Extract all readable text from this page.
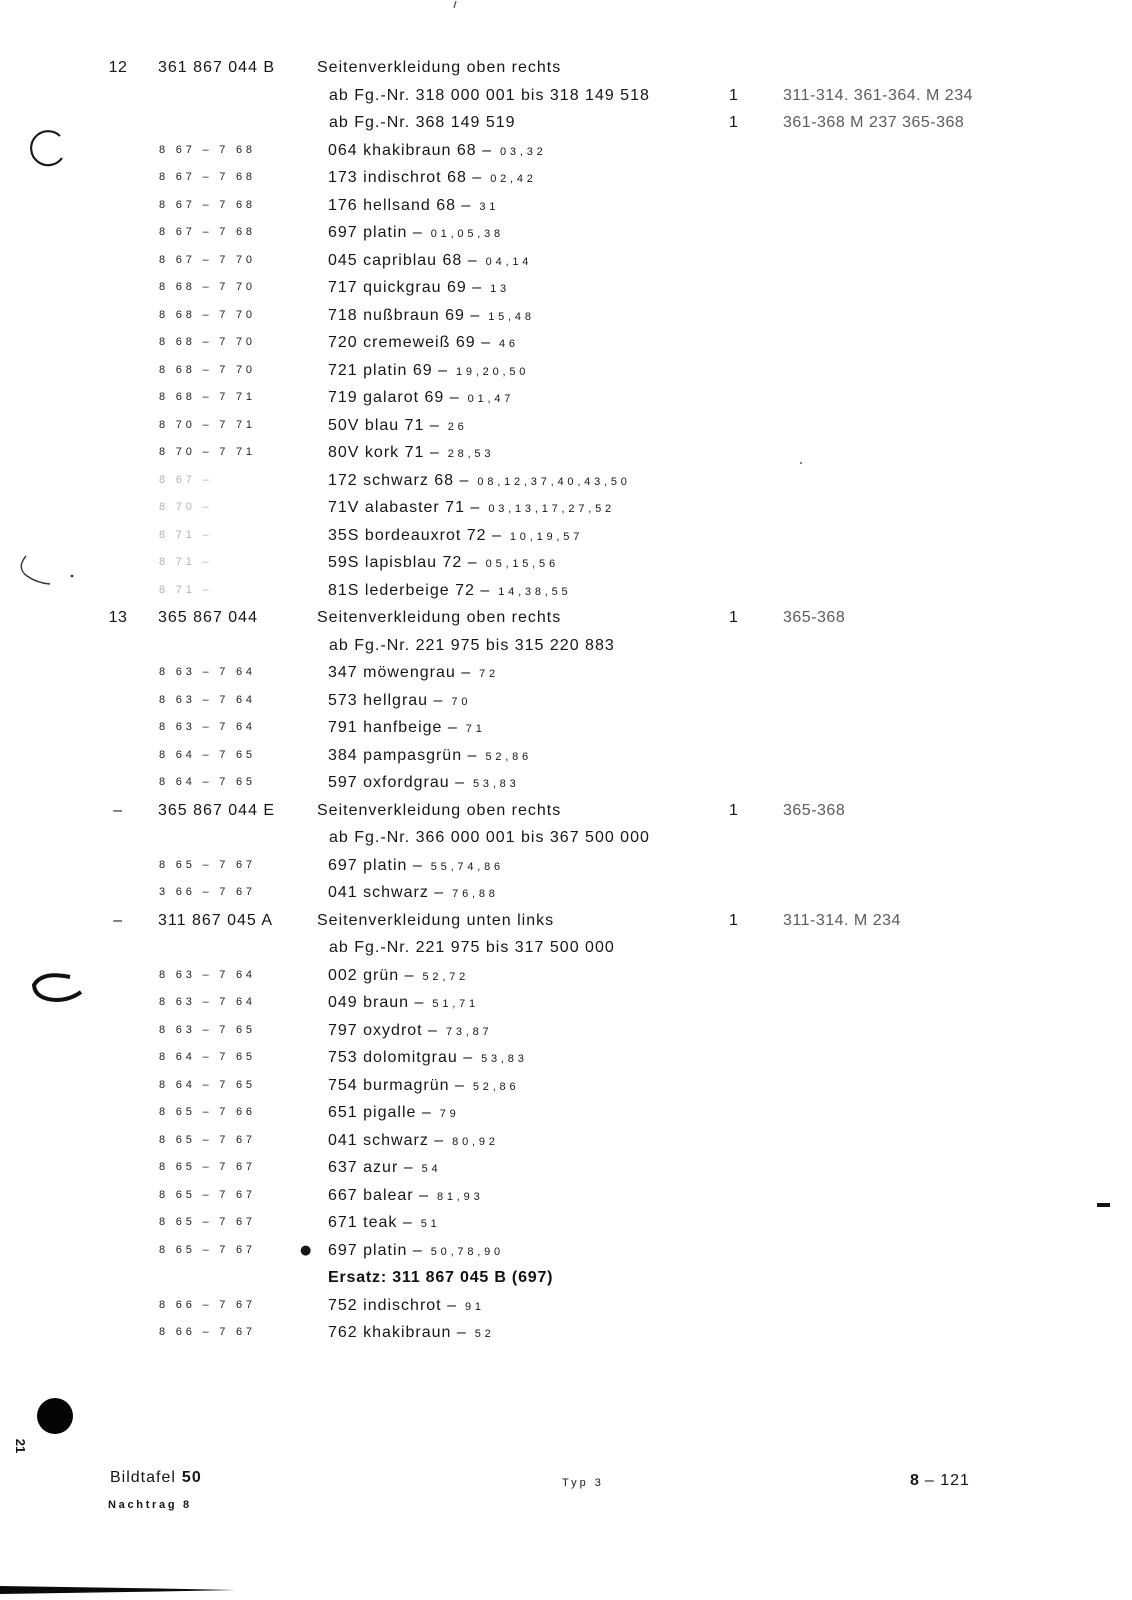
12 361 867 044 B	Seitenverkleidung oben rechts
ab Fg.-Nr. 318 000 001 bis 318 149 518	1	311-314. 361-364. M 234
ab Fg.-Nr. 368 149 519	1	361-368 M 237 365-368
8 67 – 7 68	064 khakibraun 68 – 03,32
8 67 – 7 68	173 indischrot 68 – 02,42
8 67 – 7 68	176 hellsand 68 – 31
8 67 – 7 68	697 platin – 01,05,38
8 67 – 7 70	045 capriblau 68 – 04,14
8 68 – 7 70	717 quickgrau 69 – 13
8 68 – 7 70	718 nußbraun 69 – 15,48
8 68 – 7 70	720 cremeweiß 69 – 46
8 68 – 7 70	721 platin 69 – 19,20,50
8 68 – 7 71	719 galarot 69 – 01,47
8 70 – 7 71	50V blau 71 – 26
8 70 – 7 71	80V kork 71 – 28,53
8 67 –	172 schwarz 68 – 08,12,37,40,43,50
8 70 –	71V alabaster 71 – 03,13,17,27,52
8 71 –	35S bordeauxrot 72 – 10,19,57
8 71 –	59S lapisblau 72 – 05,15,56
8 71 –	81S lederbeige 72 – 14,38,55
13 365 867 044	Seitenverkleidung oben rechts	1	365-368
ab Fg.-Nr. 221 975 bis 315 220 883
8 63 – 7 64	347 möwengrau – 72
8 63 – 7 64	573 hellgrau – 70
8 63 – 7 64	791 hanfbeige – 71
8 64 – 7 65	384 pampasgrün – 52,86
8 64 – 7 65	597 oxfordgrau – 53,83
–	365 867 044 E	Seitenverkleidung oben rechts	1	365-368
ab Fg.-Nr. 366 000 001 bis 367 500 000
8 65 – 7 67	697 platin – 55,74,86
3 66 – 7 67	041 schwarz – 76,88
–	311 867 045 A	Seitenverkleidung unten links	1	311-314. M 234
ab Fg.-Nr. 221 975 bis 317 500 000
8 63 – 7 64	002 grün – 52,72
8 63 – 7 64	049 braun – 51,71
8 63 – 7 65	797 oxydrot – 73,87
8 64 – 7 65	753 dolomitgrau – 53,83
8 64 – 7 65	754 burmagrün – 52,86
8 65 – 7 66	651 pigalle – 79
8 65 – 7 67	041 schwarz – 80,92
8 65 – 7 67	637 azur – 54
8 65 – 7 67	667 balear – 81,93
8 65 – 7 67	671 teak – 51
8 65 – 7 67	● 697 platin – 50,78,90
Ersatz: 311 867 045 B (697)
8 66 – 7 67	752 indischrot – 91
8 66 – 7 67	762 khakibraun – 52
Bildtafel 50
Nachtrag 8
Typ 3	8 – 121
21
